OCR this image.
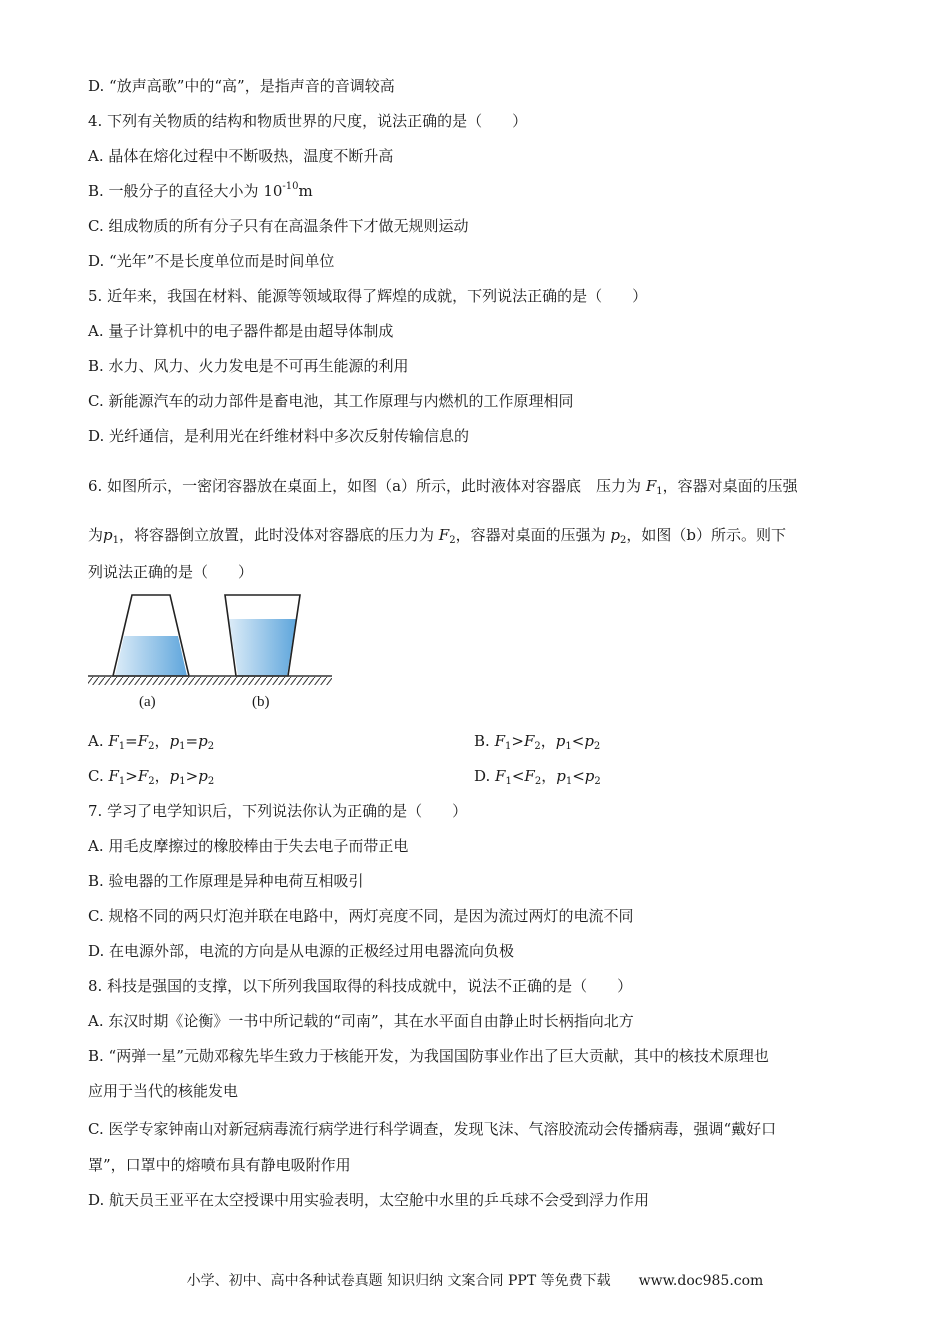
D. “放声高歌”中的“高”，是指声音的音调较高
4. 下列有关物质的结构和物质世界的尺度，说法正确的是（　　）
A. 晶体在熔化过程中不断吸热，温度不断升高
B. 一般分子的直径大小为 $10^{-10}m$
C. 组成物质的所有分子只有在高温条件下才做无规则运动
D. “光年”不是长度单位而是时间单位
5. 近年来，我国在材料、能源等领域取得了辉煌的成就，下列说法正确的是（　　）
A. 量子计算机中的电子器件都是由超导体制成
B. 水力、风力、火力发电是不可再生能源的利用
C. 新能源汽车的动力部件是畜电池，其工作原理与内燃机的工作原理相同
D. 光纤通信，是利用光在纤维材料中多次反射传输信息的
6. 如图所示，一密闭容器放在桌面上，如图（a）所示，此时液体对容器底　压力为 $F_1$，容器对桌面的压强
为$p_1$，将容器倒立放置，此时没体对容器底的压力为 $F_2$，容器对桌面的压强为 $p_2$，如图（b）所示。则下
列说法正确的是（　　）
(a)	(b)
A. $F_1=F_2$，$p_1=p_2$	B. $F_1>F_2$，$p_1<p_2$
C. $F_1>F_2$，$p_1>p_2$	D. $F_1<F_2$，$p_1<p_2$
7. 学习了电学知识后，下列说法你认为正确的是（　　）
A. 用毛皮摩擦过的橡胶棒由于失去电子而带正电
B. 验电器的工作原理是异种电荷互相吸引
C. 规格不同的两只灯泡并联在电路中，两灯亮度不同，是因为流过两灯的电流不同
D. 在电源外部，电流的方向是从电源的正极经过用电器流向负极
8. 科技是强国的支撑，以下所列我国取得的科技成就中，说法不正确的是（　　）
A. 东汉时期《论衡》一书中所记载的“司南”，其在水平面自由静止时长柄指向北方
B. “两弹一星”元勋邓稼先毕生致力于核能开发，为我国国防事业作出了巨大贡献，其中的核技术原理也
应用于当代的核能发电
C. 医学专家钟南山对新冠病毒流行病学进行科学调查，发现飞沫、气溶胶流动会传播病毒，强调“戴好口
罩”，口罩中的熔喷布具有静电吸附作用
D. 航天员王亚平在太空授课中用实验表明，太空舱中水里的乒乓球不会受到浮力作用
小学、初中、高中各种试卷真题 知识归纳 文案合同 PPT 等免费下载　　www.doc985.com
